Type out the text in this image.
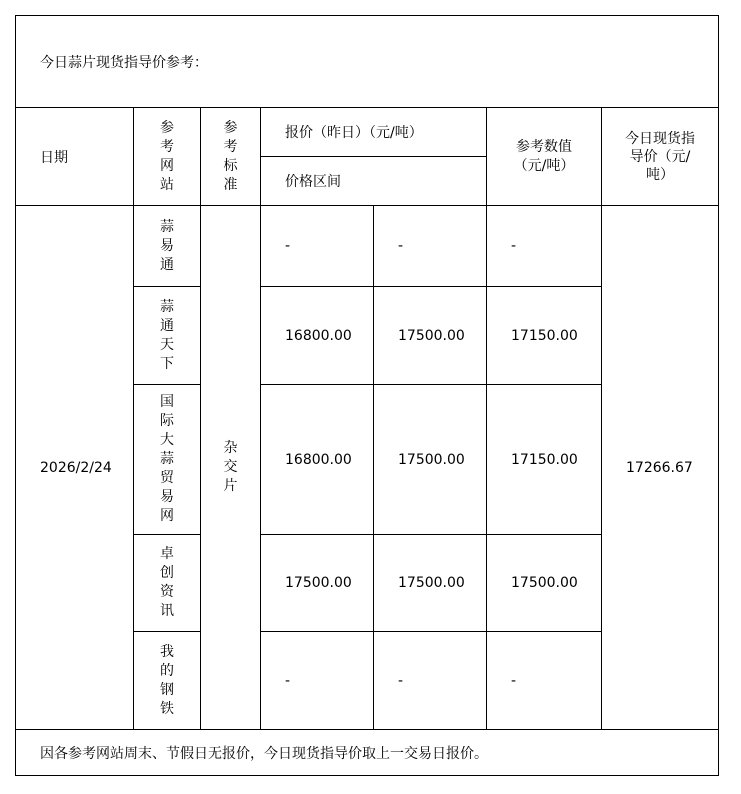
今日蒜片现货指导价参考：						
日期	参考网站	参考标准	报价（昨日）（元/吨）		参考数值（元/吨）	今日现货指导价（元/吨）

			价格区间			
2026/2/24	蒜易通	杂交片	-	-	-	17266.67
	蒜通天下		16800.00	17500.00	17150.00	
	国际大蒜贸易网		16800.00	17500.00	17150.00	
	卓创资讯		17500.00	17500.00	17500.00	
	我的钢铁		-	-	-	
因各参考网站周末、节假日无报价，今日现货指导价取上一交易日报价。						
